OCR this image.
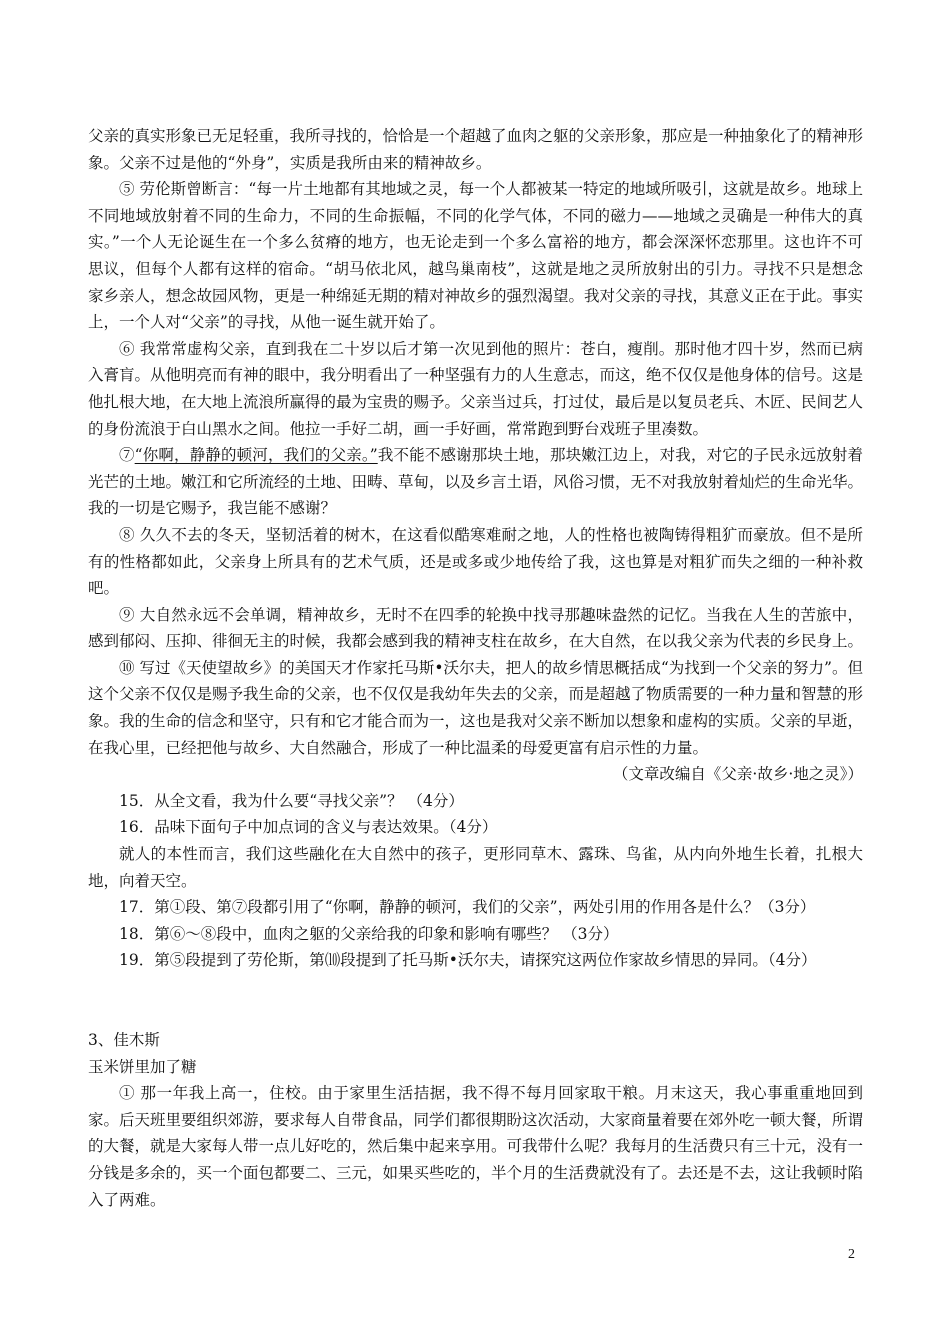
父亲的真实形象已无足轻重，我所寻找的，恰恰是一个超越了血肉之躯的父亲形象，那应是一种抽象化了的精神形象。父亲不过是他的“外身”，实质是我所由来的精神故乡。

⑤ 劳伦斯曾断言：“每一片土地都有其地域之灵，每一个人都被某一特定的地域所吸引，这就是故乡。地球上不同地域放射着不同的生命力，不同的生命振幅，不同的化学气体，不同的磁力——地域之灵确是一种伟大的真实。”一个人无论诞生在一个多么贫瘠的地方，也无论走到一个多么富裕的地方，都会深深怀恋那里。这也许不可思议，但每个人都有这样的宿命。“胡马依北风，越鸟巢南枝”，这就是地之灵所放射出的引力。寻找不只是想念家乡亲人，想念故园风物，更是一种绵延无期的精对神故乡的强烈渴望。我对父亲的寻找，其意义正在于此。事实上，一个人对“父亲”的寻找，从他一诞生就开始了。

⑥ 我常常虚构父亲，直到我在二十岁以后才第一次见到他的照片：苍白，瘦削。那时他才四十岁，然而已病入膏肓。从他明亮而有神的眼中，我分明看出了一种坚强有力的人生意志，而这，绝不仅仅是他身体的信号。这是他扎根大地，在大地上流浪所赢得的最为宝贵的赐予。父亲当过兵，打过仗，最后是以复员老兵、木匠、民间艺人的身份流浪于白山黑水之间。他拉一手好二胡，画一手好画，常常跑到野台戏班子里凑数。

⑦“你啊，静静的顿河，我们的父亲。”我不能不感谢那块土地，那块嫩江边上，对我，对它的子民永远放射着光芒的土地。嫩江和它所流经的土地、田畴、草甸，以及乡言土语，风俗习惯，无不对我放射着灿烂的生命光华。我的一切是它赐予，我岂能不感谢？

⑧ 久久不去的冬天，坚韧活着的树木，在这看似酷寒难耐之地，人的性格也被陶铸得粗犷而豪放。但不是所有的性格都如此，父亲身上所具有的艺术气质，还是或多或少地传给了我，这也算是对粗犷而失之细的一种补救吧。

⑨ 大自然永远不会单调，精神故乡，无时不在四季的轮换中找寻那趣味盎然的记忆。当我在人生的苦旅中，感到郁闷、压抑、徘徊无主的时候，我都会感到我的精神支柱在故乡，在大自然，在以我父亲为代表的乡民身上。

⑩ 写过《天使望故乡》的美国天才作家托马斯•沃尔夫，把人的故乡情思概括成“为找到一个父亲的努力”。但这个父亲不仅仅是赐予我生命的父亲，也不仅仅是我幼年失去的父亲，而是超越了物质需要的一种力量和智慧的形象。我的生命的信念和坚守，只有和它才能合而为一，这也是我对父亲不断加以想象和虚构的实质。父亲的早逝，在我心里，已经把他与故乡、大自然融合，形成了一种比温柔的母爱更富有启示性的力量。

（文章改编自《父亲·故乡·地之灵》）

15．从全文看，我为什么要“寻找父亲”？ （4分）

16．品味下面句子中加点词的含义与表达效果。（4分）

就人的本性而言，我们这些融化在大自然中的孩子，更形同草木、露珠、鸟雀，从内向外地生长着，扎根大地，向着天空。

17．第①段、第⑦段都引用了“你啊，静静的顿河，我们的父亲”，两处引用的作用各是什么？（3分）

18．第⑥～⑧段中，血肉之躯的父亲给我的印象和影响有哪些？ （3分）

19．第⑤段提到了劳伦斯，第⑽段提到了托马斯•沃尔夫，请探究这两位作家故乡情思的异同。（4分）

3、佳木斯

玉米饼里加了糖

① 那一年我上高一，住校。由于家里生活拮据，我不得不每月回家取干粮。月末这天，我心事重重地回到家。后天班里要组织郊游，要求每人自带食品，同学们都很期盼这次活动，大家商量着要在郊外吃一顿大餐，所谓的大餐，就是大家每人带一点儿好吃的，然后集中起来享用。可我带什么呢？我每月的生活费只有三十元，没有一分钱是多余的，买一个面包都要二、三元，如果买些吃的，半个月的生活费就没有了。去还是不去，这让我顿时陷入了两难。

2
